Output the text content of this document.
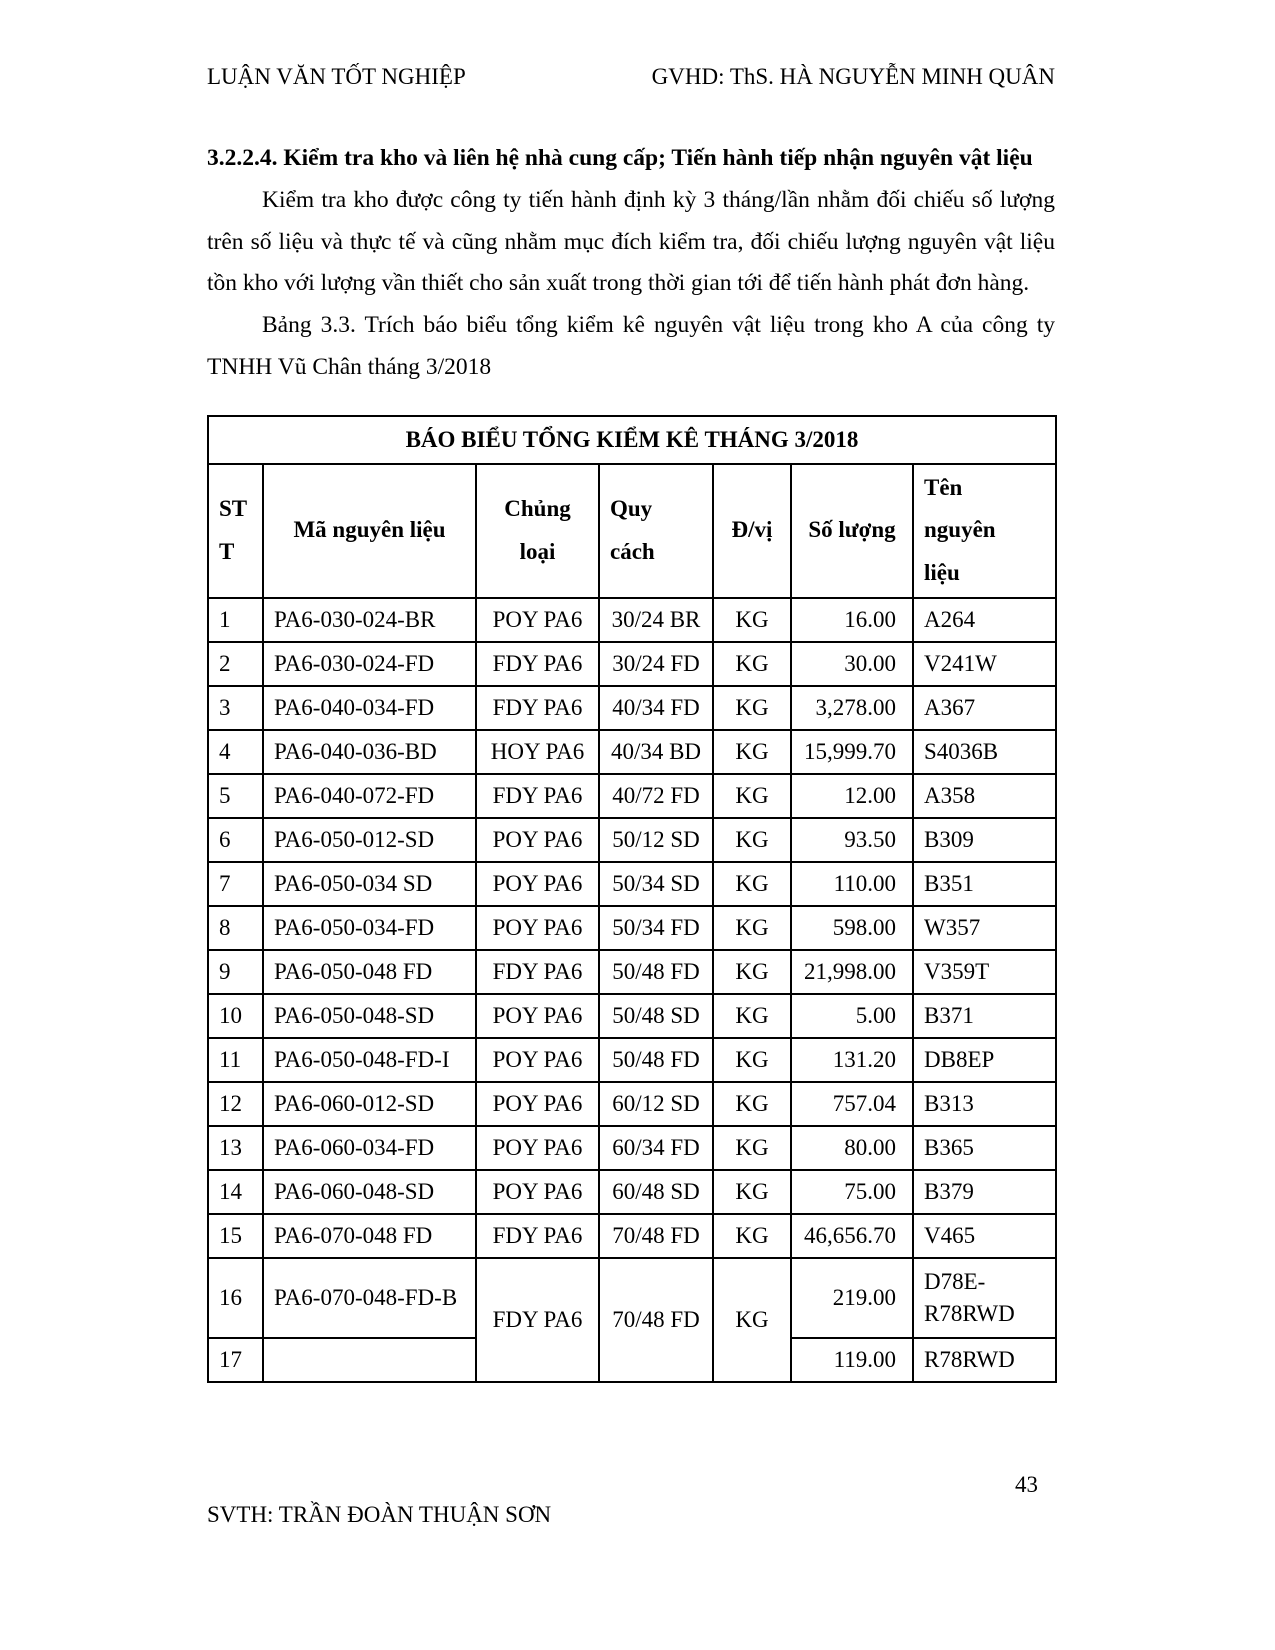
LUẬN VĂN TỐT NGHIỆP	GVHD: ThS. HÀ NGUYỄN MINH QUÂN

3.2.2.4. Kiểm tra kho và liên hệ nhà cung cấp; Tiến hành tiếp nhận nguyên vật liệu

Kiểm tra kho được công ty tiến hành định kỳ 3 tháng/lần nhằm đối chiếu số lượng trên số liệu và thực tế và cũng nhằm mục đích kiểm tra, đối chiếu lượng nguyên vật liệu tồn kho với lượng vần thiết cho sản xuất trong thời gian tới để tiến hành phát đơn hàng.

Bảng 3.3. Trích báo biểu tổng kiểm kê nguyên vật liệu trong kho A của công ty TNHH Vũ Chân tháng 3/2018

BÁO BIỂU TỔNG KIỂM KÊ THÁNG 3/2018						
STT	Mã nguyên liệu	Chủng loại	Quy cách	Đ/vị	Số lượng	Tên nguyên liệu
1	PA6-030-024-BR	POY PA6	30/24 BR	KG	16.00	A264
2	PA6-030-024-FD	FDY PA6	30/24 FD	KG	30.00	V241W
3	PA6-040-034-FD	FDY PA6	40/34 FD	KG	3,278.00	A367
4	PA6-040-036-BD	HOY PA6	40/34 BD	KG	15,999.70	S4036B
5	PA6-040-072-FD	FDY PA6	40/72 FD	KG	12.00	A358
6	PA6-050-012-SD	POY PA6	50/12 SD	KG	93.50	B309
7	PA6-050-034 SD	POY PA6	50/34 SD	KG	110.00	B351
8	PA6-050-034-FD	POY PA6	50/34 FD	KG	598.00	W357
9	PA6-050-048 FD	FDY PA6	50/48 FD	KG	21,998.00	V359T
10	PA6-050-048-SD	POY PA6	50/48 SD	KG	5.00	B371
11	PA6-050-048-FD-I	POY PA6	50/48 FD	KG	131.20	DB8EP
12	PA6-060-012-SD	POY PA6	60/12 SD	KG	757.04	B313
13	PA6-060-034-FD	POY PA6	60/34 FD	KG	80.00	B365
14	PA6-060-048-SD	POY PA6	60/48 SD	KG	75.00	B379
15	PA6-070-048 FD	FDY PA6	70/48 FD	KG	46,656.70	V465
16	PA6-070-048-FD-B	FDY PA6	70/48 FD	KG	219.00	D78E-R78RWD
17					119.00	R78RWD
43
SVTH: TRẦN ĐOÀN THUẬN SƠN
